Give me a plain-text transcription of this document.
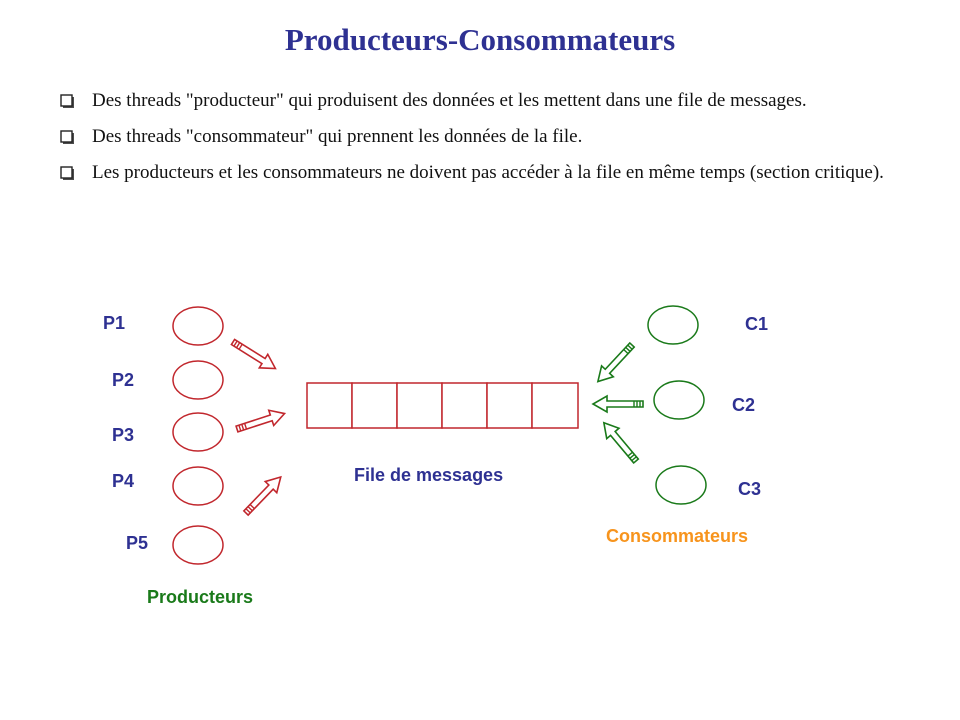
Producteurs-Consommateurs
Des threads "producteur" qui produisent des données et les mettent dans une file de messages.
Des threads "consommateur" qui prennent les données de la file.
Les producteurs et les consommateurs ne doivent pas accéder à la file en même temps (section critique).
P1
P2
P3
P4
P5
C1
C2
C3
File de messages
Consommateurs
Producteurs
